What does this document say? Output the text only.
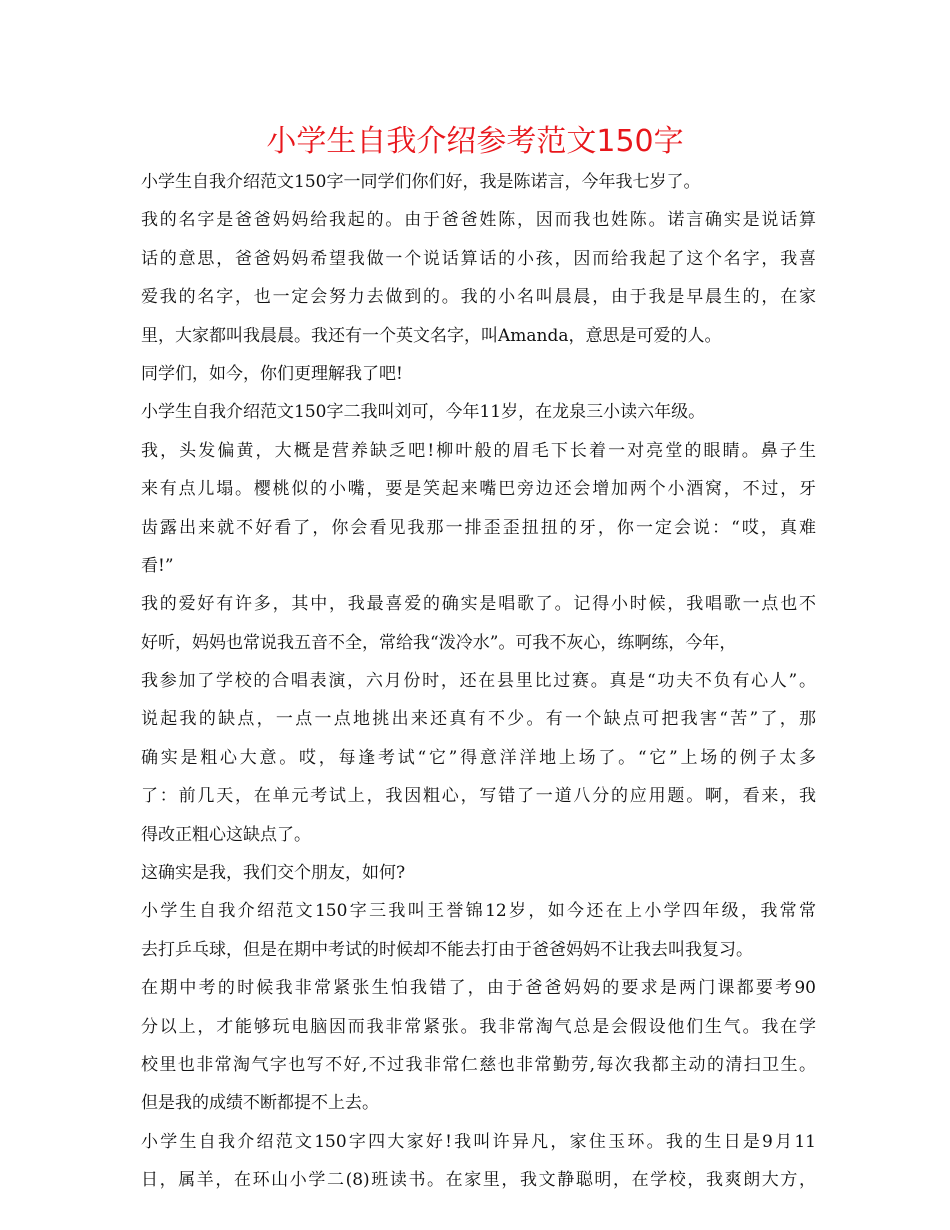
小学生自我介绍参考范文150字
小学生自我介绍范文150字一同学们你们好，我是陈诺言，今年我七岁了。
我的名字是爸爸妈妈给我起的。由于爸爸姓陈，因而我也姓陈。诺言确实是说话算
话的意思，爸爸妈妈希望我做一个说话算话的小孩，因而给我起了这个名字，我喜
爱我的名字，也一定会努力去做到的。我的小名叫晨晨，由于我是早晨生的，在家
里，大家都叫我晨晨。我还有一个英文名字，叫Amanda，意思是可爱的人。
同学们，如今，你们更理解我了吧!
小学生自我介绍范文150字二我叫刘可，今年11岁，在龙泉三小读六年级。
我，头发偏黄，大概是营养缺乏吧!柳叶般的眉毛下长着一对亮堂的眼睛。鼻子生
来有点儿塌。樱桃似的小嘴，要是笑起来嘴巴旁边还会增加两个小酒窝，不过，牙
齿露出来就不好看了，你会看见我那一排歪歪扭扭的牙，你一定会说：“哎，真难
看!”
我的爱好有许多，其中，我最喜爱的确实是唱歌了。记得小时候，我唱歌一点也不
好听，妈妈也常说我五音不全，常给我“泼冷水”。可我不灰心，练啊练，今年，
我参加了学校的合唱表演，六月份时，还在县里比过赛。真是“功夫不负有心人”。
说起我的缺点，一点一点地挑出来还真有不少。有一个缺点可把我害“苦”了，那
确实是粗心大意。哎，每逢考试“它”得意洋洋地上场了。“它”上场的例子太多
了：前几天，在单元考试上，我因粗心，写错了一道八分的应用题。啊，看来，我
得改正粗心这缺点了。
这确实是我，我们交个朋友，如何?
小学生自我介绍范文150字三我叫王誉锦12岁，如今还在上小学四年级，我常常
去打乒乓球，但是在期中考试的时候却不能去打由于爸爸妈妈不让我去叫我复习。
在期中考的时候我非常紧张生怕我错了，由于爸爸妈妈的要求是两门课都要考90
分以上，才能够玩电脑因而我非常紧张。我非常淘气总是会假设他们生气。我在学
校里也非常淘气字也写不好,不过我非常仁慈也非常勤劳,每次我都主动的清扫卫生。
但是我的成绩不断都提不上去。
小学生自我介绍范文150字四大家好!我叫许异凡，家住玉环。我的生日是9月11
日，属羊，在环山小学二(8)班读书。在家里，我文静聪明，在学校，我爽朗大方，
